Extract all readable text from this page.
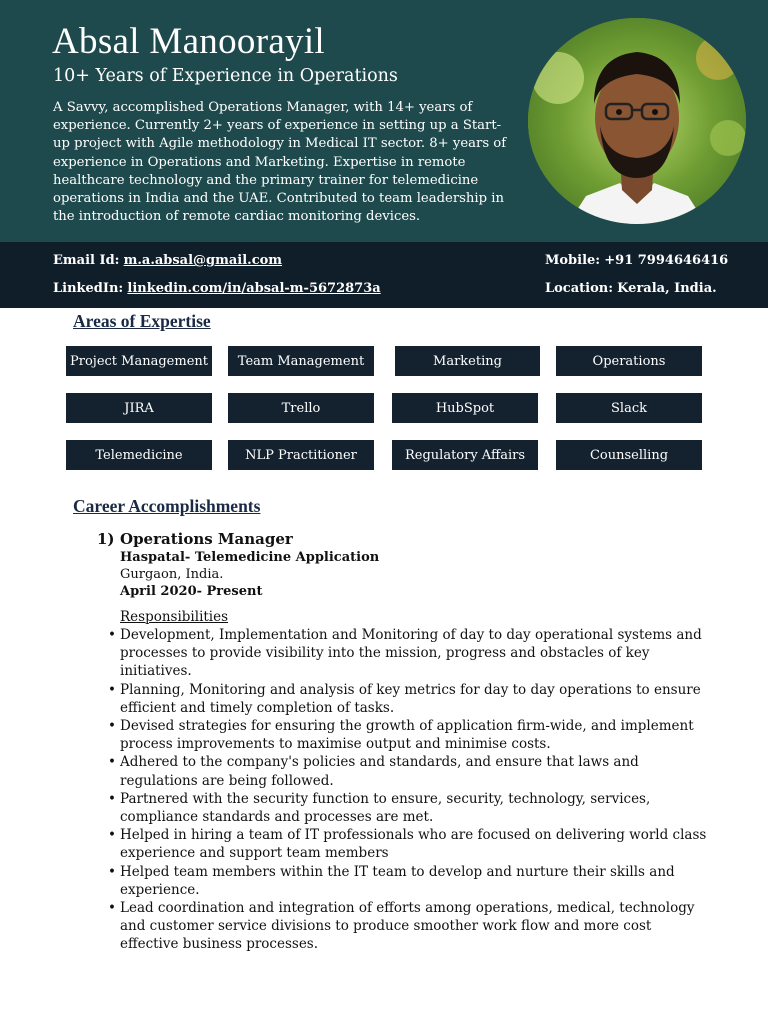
Absal Manoorayil
10+ Years of Experience in Operations
A Savvy, accomplished Operations Manager, with 14+ years of experience. Currently 2+ years of experience in setting up a Start-up project with Agile methodology in Medical IT sector. 8+ years of experience in Operations and Marketing. Expertise in remote healthcare technology and the primary trainer for telemedicine operations in India and the UAE. Contributed to team leadership in the introduction of remote cardiac monitoring devices.
Email Id: m.a.absal@gmail.com
LinkedIn: linkedin.com/in/absal-m-5672873a
Mobile: +91 7994646416
Location: Kerala, India.
Areas of Expertise
Project Management	Team Management	Marketing	Operations
JIRA	Trello	HubSpot	Slack
Telemedicine	NLP Practitioner	Regulatory Affairs	Counselling
Career Accomplishments
1) Operations Manager
Haspatal- Telemedicine Application
Gurgaon, India.
April 2020- Present
Responsibilities
• Development, Implementation and Monitoring of day to day operational systems and processes to provide visibility into the mission, progress and obstacles of key initiatives.
• Planning, Monitoring and analysis of key metrics for day to day operations to ensure efficient and timely completion of tasks.
• Devised strategies for ensuring the growth of application firm-wide, and implement process improvements to maximise output and minimise costs.
• Adhered to the company's policies and standards, and ensure that laws and regulations are being followed.
• Partnered with the security function to ensure, security, technology, services, compliance standards and processes are met.
• Helped in hiring a team of IT professionals who are focused on delivering world class experience and support team members
• Helped team members within the IT team to develop and nurture their skills and experience.
• Lead coordination and integration of efforts among operations, medical, technology and customer service divisions to produce smoother work flow and more cost effective business processes.
